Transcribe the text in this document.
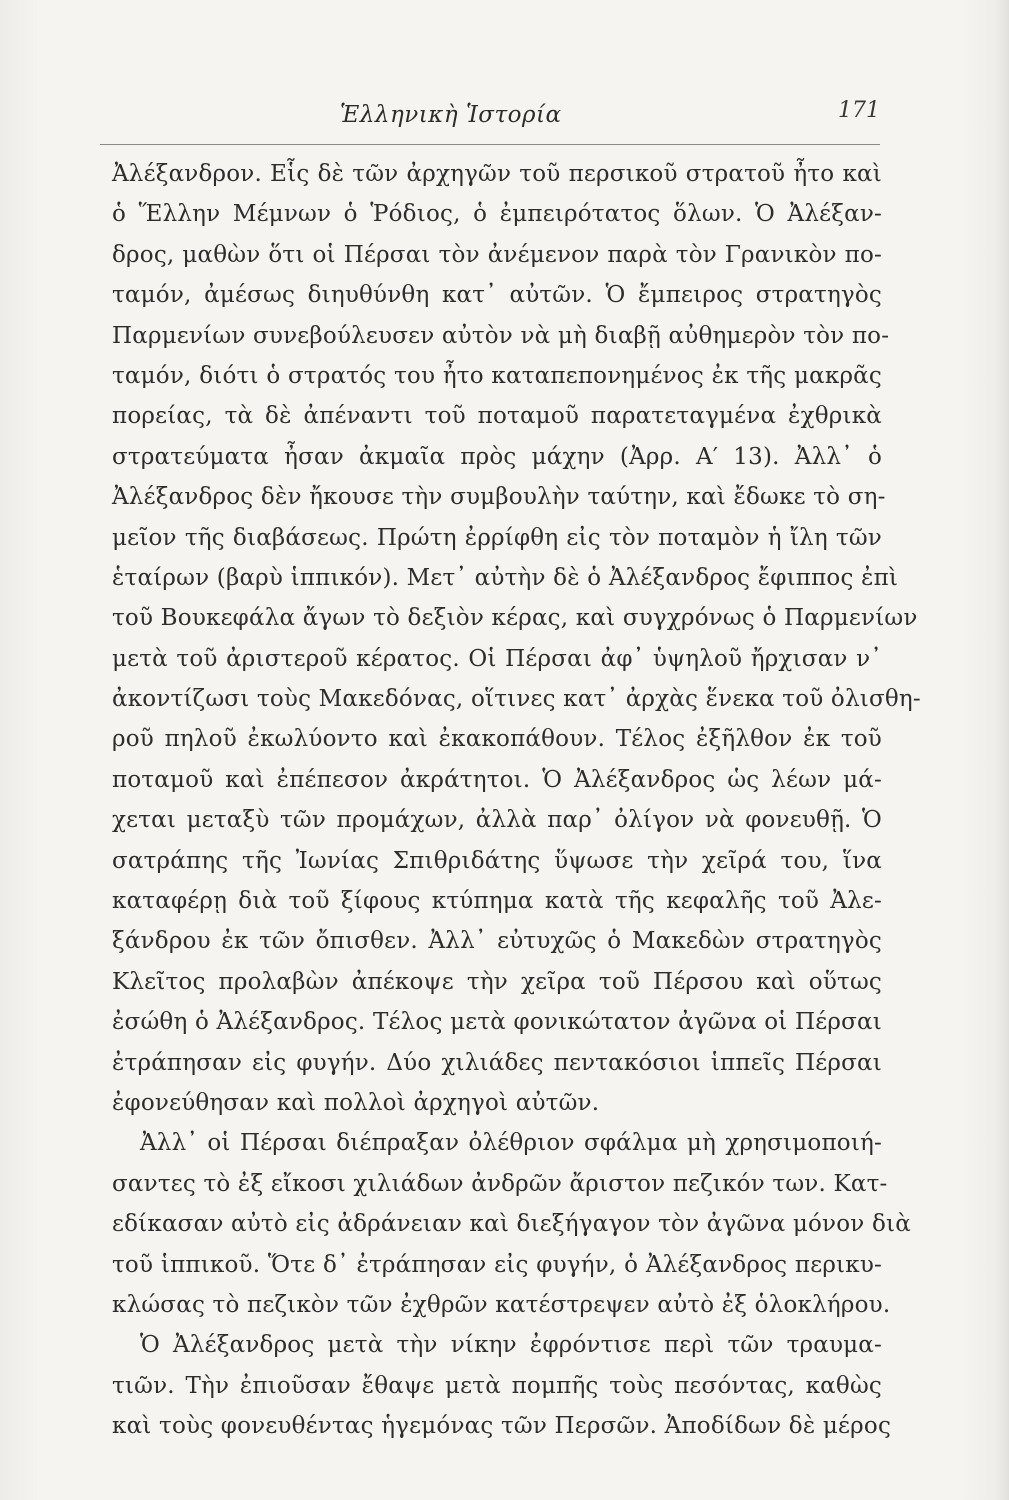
Ἑλληνικὴ Ἱστορία	171
Ἀλέξανδρον. Εἷς δὲ τῶν ἀρχηγῶν τοῦ περσικοῦ στρατοῦ ἦτο καὶ
ὁ Ἕλλην Μέμνων ὁ Ῥόδιος, ὁ ἐμπειρότατος ὅλων. Ὁ Ἀλέξαν-
δρος, μαθὼν ὅτι οἱ Πέρσαι τὸν ἀνέμενον παρὰ τὸν Γρανικὸν πο-
ταμόν, ἀμέσως διηυθύνθη κατ᾽ αὐτῶν. Ὁ ἔμπειρος στρατηγὸς
Παρμενίων συνεβούλευσεν αὐτὸν νὰ μὴ διαβῇ αὐθημερὸν τὸν πο-
ταμόν, διότι ὁ στρατός του ἦτο καταπεπονημένος ἐκ τῆς μακρᾶς
πορείας, τὰ δὲ ἀπέναντι τοῦ ποταμοῦ παρατεταγμένα ἐχθρικὰ
στρατεύματα ἦσαν ἀκμαῖα πρὸς μάχην (Ἀρρ. Α′ 13). Ἀλλ᾽ ὁ
Ἀλέξανδρος δὲν ἤκουσε τὴν συμβουλὴν ταύτην, καὶ ἔδωκε τὸ ση-
μεῖον τῆς διαβάσεως. Πρώτη ἐρρίφθη εἰς τὸν ποταμὸν ἡ ἴλη τῶν
ἑταίρων (βαρὺ ἱππικόν). Μετ᾽ αὐτὴν δὲ ὁ Ἀλέξανδρος ἔφιππος ἐπὶ
τοῦ Βουκεφάλα ἄγων τὸ δεξιὸν κέρας, καὶ συγχρόνως ὁ Παρμενίων
μετὰ τοῦ ἀριστεροῦ κέρατος. Οἱ Πέρσαι ἀφ᾽ ὑψηλοῦ ἤρχισαν ν᾽
ἀκοντίζωσι τοὺς Μακεδόνας, οἵτινες κατ᾽ ἀρχὰς ἕνεκα τοῦ ὀλισθη-
ροῦ πηλοῦ ἐκωλύοντο καὶ ἐκακοπάθουν. Τέλος ἐξῆλθον ἐκ τοῦ
ποταμοῦ καὶ ἐπέπεσον ἀκράτητοι. Ὁ Ἀλέξανδρος ὡς λέων μά-
χεται μεταξὺ τῶν προμάχων, ἀλλὰ παρ᾽ ὀλίγον νὰ φονευθῇ. Ὁ
σατράπης τῆς Ἰωνίας Σπιθριδάτης ὕψωσε τὴν χεῖρά του, ἵνα
καταφέρῃ διὰ τοῦ ξίφους κτύπημα κατὰ τῆς κεφαλῆς τοῦ Ἀλε-
ξάνδρου ἐκ τῶν ὄπισθεν. Ἀλλ᾽ εὐτυχῶς ὁ Μακεδὼν στρατηγὸς
Κλεῖτος προλαβὼν ἀπέκοψε τὴν χεῖρα τοῦ Πέρσου καὶ οὕτως
ἐσώθη ὁ Ἀλέξανδρος. Τέλος μετὰ φονικώτατον ἀγῶνα οἱ Πέρσαι
ἐτράπησαν εἰς φυγήν. Δύο χιλιάδες πεντακόσιοι ἱππεῖς Πέρσαι
ἐφονεύθησαν καὶ πολλοὶ ἀρχηγοὶ αὐτῶν.
Ἀλλ᾽ οἱ Πέρσαι διέπραξαν ὀλέθριον σφάλμα μὴ χρησιμοποιή-
σαντες τὸ ἐξ εἴκοσι χιλιάδων ἀνδρῶν ἄριστον πεζικόν των. Κατ-
εδίκασαν αὐτὸ εἰς ἀδράνειαν καὶ διεξήγαγον τὸν ἀγῶνα μόνον διὰ
τοῦ ἱππικοῦ. Ὅτε δ᾽ ἐτράπησαν εἰς φυγήν, ὁ Ἀλέξανδρος περικυ-
κλώσας τὸ πεζικὸν τῶν ἐχθρῶν κατέστρεψεν αὐτὸ ἐξ ὁλοκλήρου.
Ὁ Ἀλέξανδρος μετὰ τὴν νίκην ἐφρόντισε περὶ τῶν τραυμα-
τιῶν. Τὴν ἐπιοῦσαν ἔθαψε μετὰ πομπῆς τοὺς πεσόντας, καθὼς
καὶ τοὺς φονευθέντας ἡγεμόνας τῶν Περσῶν. Ἀποδίδων δὲ μέρος
